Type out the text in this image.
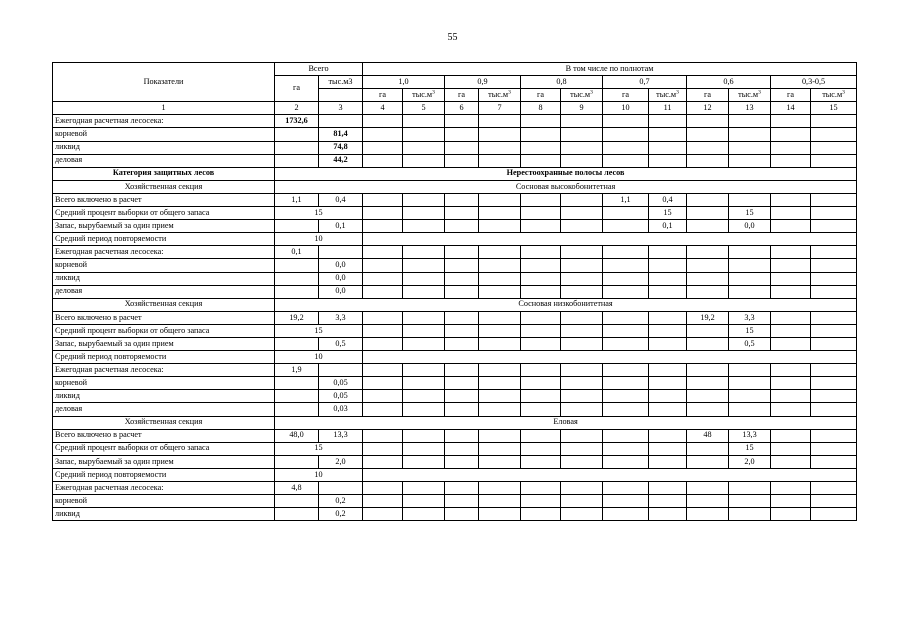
55
Показатели	Всего		В том числе по полнотам											
	га	тыс.м3	1,0		0,9		0,8		0,7		0,6		0,3-0,5	
			га	$тыс.м^3$	га	$тыс.м^3$	га	$тыс.м^3$	га	$тыс.м^3$	га	$тыс.м^3$	га	$тыс.м^3$
1	2	3	4	5	6	7	8	9	10	11	12	13	14	15
Ежегодная расчетная лесосека:	1732,6													
корневой		81,4												
ликвид		74,8												
деловая		44,2												
Категория защитных лесов	Нерестоохранные полосы лесов													
Хозяйственная секция	Сосновая высокобонитетная													
Всего включено в расчет	1,1	0,4							1,1	0,4				
Средний процент выборки от общего запаса	15									15		15		
Запас, вырубаемый за один прием		0,1								0,1		0,0		
Средний период повторяемости	10													
Ежегодная расчетная лесосека:	0,1													
корневой		0,0												
ликвид		0,0												
деловая		0,0												
Хозяйственная секция	Сосновая низкобонитетная													
Всего включено в расчет	19,2	3,3									19,2	3,3		
Средний процент выборки от общего запаса	15											15		
Запас, вырубаемый за один прием		0,5										0,5		
Средний период повторяемости	10													
Ежегодная расчетная лесосека:	1,9													
корневой		0,05												
ликвид		0,05												
деловая		0,03												
Хозяйственная секция	Еловая													
Всего включено в расчет	48,0	13,3									48	13,3		
Средний процент выборки от общего запаса	15											15		
Запас, вырубаемый за один прием		2,0										2,0		
Средний период повторяемости	10													
Ежегодная расчетная лесосека:	4,8													
корневой		0,2												
ликвид		0,2												
